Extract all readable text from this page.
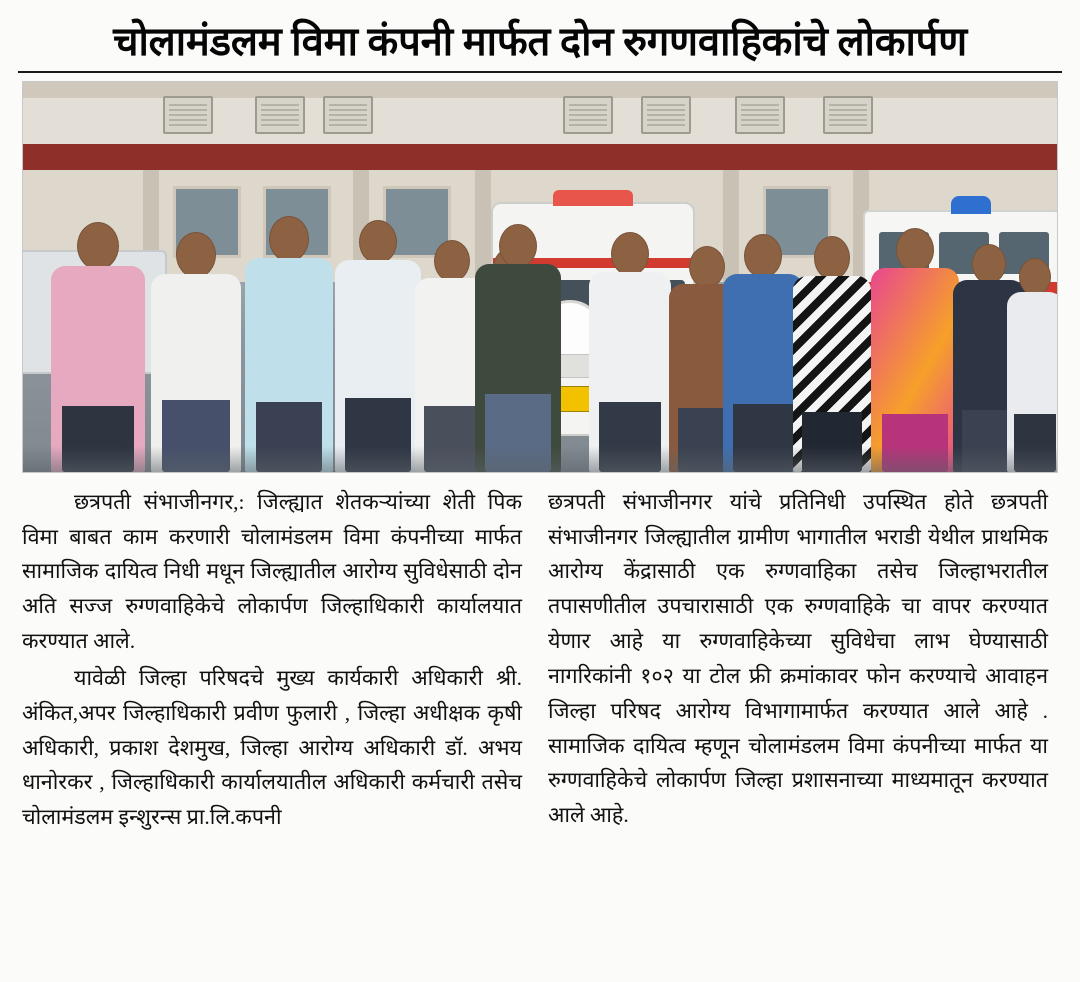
चोलामंडलम विमा कंपनी मार्फत दोन रुगणवाहिकांचे लोकार्पण

छत्रपती संभाजीनगर,: जिल्ह्यात शेतकऱ्यांच्या शेती पिक विमा बाबत काम करणारी चोलामंडलम विमा कंपनीच्या मार्फत सामाजिक दायित्व निधी मधून जिल्ह्यातील आरोग्य सुविधेसाठी दोन अति सज्ज रुग्णवाहिकेचे लोकार्पण जिल्हाधिकारी कार्यालयात करण्यात आले.

यावेळी जिल्हा परिषदचे मुख्य कार्यकारी अधिकारी श्री. अंकित,अपर जिल्हाधिकारी प्रवीण फुलारी , जिल्हा अधीक्षक कृषी अधिकारी, प्रकाश देशमुख, जिल्हा आरोग्य अधिकारी डॉ. अभय धानोरकर , जिल्हाधिकारी कार्यालयातील अधिकारी कर्मचारी तसेच चोलामंडलम इन्शुरन्स प्रा.लि.कपनी

छत्रपती संभाजीनगर यांचे प्रतिनिधी उपस्थित होते छत्रपती संभाजीनगर जिल्ह्यातील ग्रामीण भागातील भराडी येथील प्राथमिक आरोग्य केंद्रासाठी एक रुग्णवाहिका तसेच जिल्हाभरातील तपासणीतील उपचारासाठी एक रुग्णवाहिके चा वापर करण्यात येणार आहे या रुग्णवाहिकेच्या सुविधेचा लाभ घेण्यासाठी नागरिकांनी १०२ या टोल फ्री क्रमांकावर फोन करण्याचे आवाहन जिल्हा परिषद आरोग्य विभागामार्फत करण्यात आले आहे . सामाजिक दायित्व म्हणून चोलामंडलम विमा कंपनीच्या मार्फत या रुग्णवाहिकेचे लोकार्पण जिल्हा प्रशासनाच्या माध्यमातून करण्यात आले आहे.
